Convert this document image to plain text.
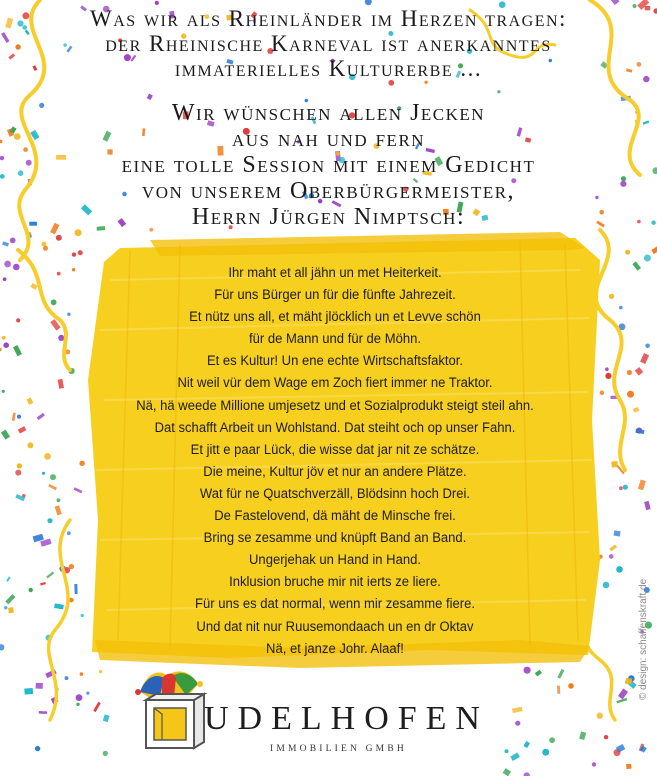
Was wir als Rheinländer im Herzen tragen:
der Rheinische Karneval ist anerkanntes
immaterielles Kulturerbe ...
Wir wünschen allen Jecken
aus nah und fern
eine tolle Session mit einem Gedicht
von unserem Oberbürgermeister,
Herrn Jürgen Nimptsch:
Ihr maht et all jähn un met Heiterkeit.
Für uns Bürger un für die fünfte Jahrezeit.
Et nütz uns all, et mäht jlöcklich un et Levve schön
für de Mann und für de Möhn.
Et es Kultur! Un ene echte Wirtschaftsfaktor.
Nit weil vür dem Wage em Zoch fiert immer ne Traktor.
Nä, hä weede Millione umjesetz und et Sozialprodukt steigt steil ahn.
Dat schafft Arbeit un Wohlstand. Dat steiht och op unser Fahn.
Et jitt e paar Lück, die wisse dat jar nit ze schätze.
Die meine, Kultur jöv et nur an andere Plätze.
Wat für ne Quatschverzäll, Blödsinn hoch Drei.
De Fastelovend, dä mäht de Minsche frei.
Bring se zesamme und knüpft Band an Band.
Ungerjehak un Hand in Hand.
Inklusion bruche mir nit ierts ze liere.
Für uns es dat normal, wenn mir zesamme fiere.
Und dat nit nur Ruusemondaach un en dr Oktav
Nä, et janze Johr. Alaaf!	© design: schaffenskraft.de
UDELHOFEN
IMMOBILIEN GMBH
